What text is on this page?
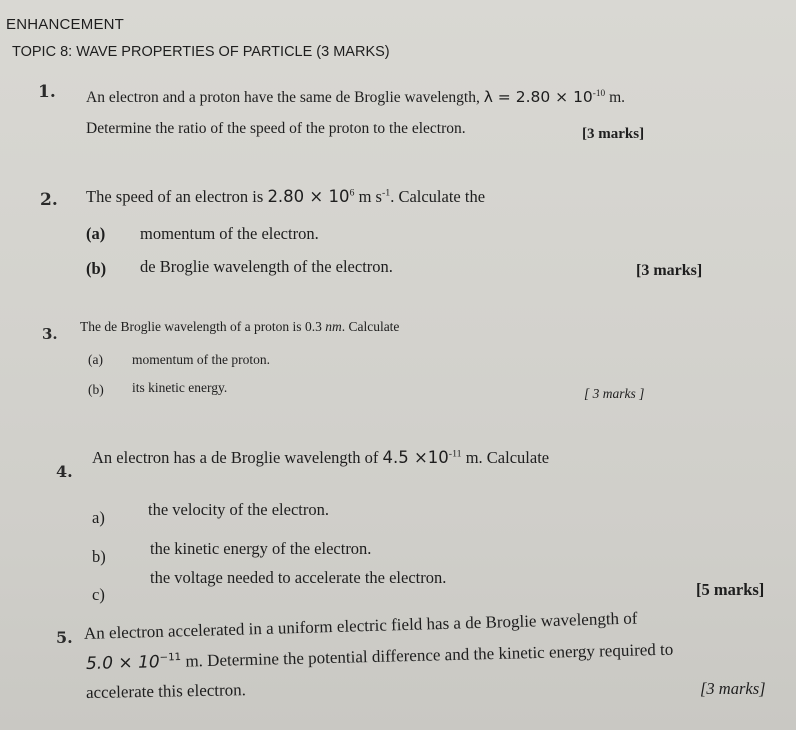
ENHANCEMENT
TOPIC 8: WAVE PROPERTIES OF PARTICLE (3 MARKS)
1. An electron and a proton have the same de Broglie wavelength, $\lambda = 2.80 \times 10^{-10}$ m.
Determine the ratio of the speed of the proton to the electron.	[3 marks]
2. The speed of an electron is $2.80 \times 10^6$ m $s^{-1}$. Calculate the
(a) momentum of the electron.
(b) de Broglie wavelength of the electron.	[3 marks]
3. The de Broglie wavelength of a proton is 0.3 nm. Calculate
(a) momentum of the proton.
(b) its kinetic energy.	[ 3 marks ]
4.
An electron has a de Broglie wavelength of $4.5 \times 10^{-11}$ m. Calculate
a)	the velocity of the electron.
b)	the kinetic energy of the electron.
c)
the voltage needed to accelerate the electron.
[5 marks]
5. An electron accelerated in a uniform electric field has a de Broglie wavelength of
$5.0 \times 10^{-11}$ m. Determine the potential difference and the kinetic energy required to
accelerate this electron.	[3 marks]
